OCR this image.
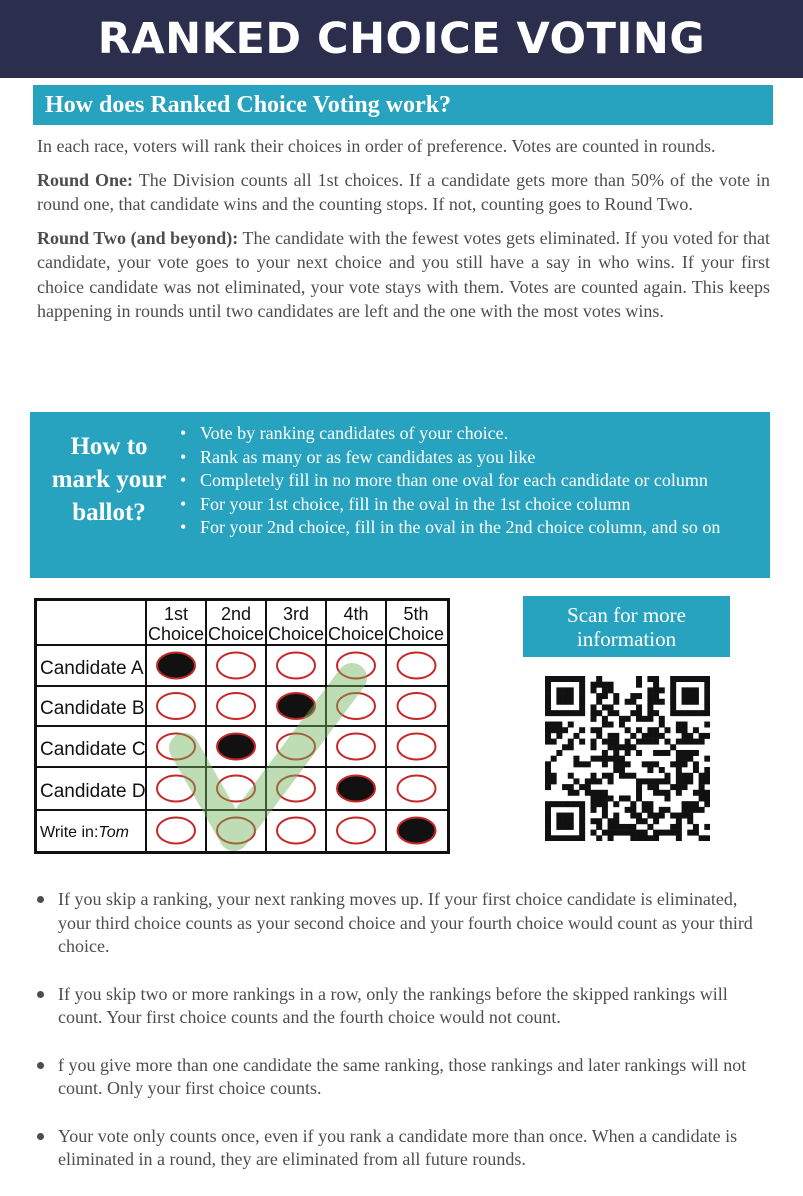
RANKED CHOICE VOTING
How does Ranked Choice Voting work?

In each race, voters will rank their choices in order of preference. Votes are counted in rounds.

Round One: The Division counts all 1st choices. If a candidate gets more than 50% of the vote in round one, that candidate wins and the counting stops. If not, counting goes to Round Two.

Round Two (and beyond): The candidate with the fewest votes gets eliminated. If you voted for that candidate, your vote goes to your next choice and you still have a say in who wins. If your first choice candidate was not eliminated, your vote stays with them. Votes are counted again. This keeps happening in rounds until two candidates are left and the one with the most votes wins.

How to mark your ballot?
• Vote by ranking candidates of your choice.
• Rank as many or as few candidates as you like
• Completely fill in no more than one oval for each candidate or column
• For your 1st choice, fill in the oval in the 1st choice column
• For your 2nd choice, fill in the oval in the 2nd choice column, and so on
1st
Choice
2nd
Choice
3rd
Choice
4th
Choice
5th
Choice
Candidate A
Candidate B
Candidate C
Candidate D
Write in:Tom
Scan for more
information
If you skip a ranking, your next ranking moves up. If your first choice candidate is eliminated, your third choice counts as your second choice and your fourth choice would count as your third choice.
If you skip two or more rankings in a row, only the rankings before the skipped rankings will count. Your first choice counts and the fourth choice would not count.
f you give more than one candidate the same ranking, those rankings and later rankings will not count. Only your first choice counts.
Your vote only counts once, even if you rank a candidate more than once. When a candidate is eliminated in a round, they are eliminated from all future rounds.
